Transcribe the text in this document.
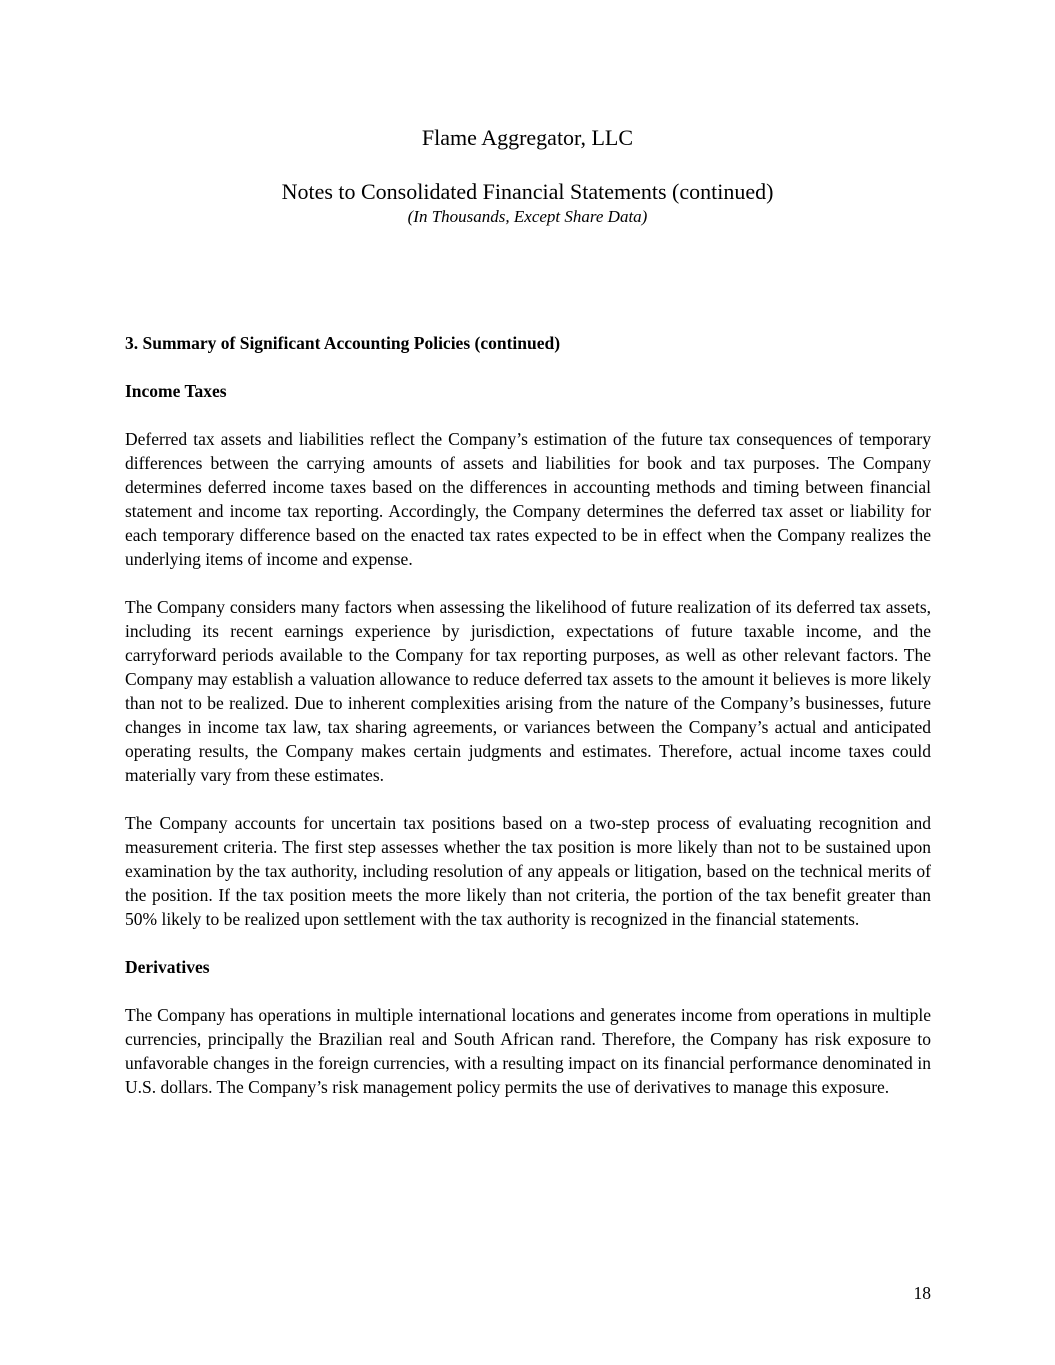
Flame Aggregator, LLC

Notes to Consolidated Financial Statements (continued)

(In Thousands, Except Share Data)

3. Summary of Significant Accounting Policies (continued)

Income Taxes

Deferred tax assets and liabilities reflect the Company’s estimation of the future tax consequences of temporary differences between the carrying amounts of assets and liabilities for book and tax purposes. The Company determines deferred income taxes based on the differences in accounting methods and timing between financial statement and income tax reporting. Accordingly, the Company determines the deferred tax asset or liability for each temporary difference based on the enacted tax rates expected to be in effect when the Company realizes the underlying items of income and expense.

The Company considers many factors when assessing the likelihood of future realization of its deferred tax assets, including its recent earnings experience by jurisdiction, expectations of future taxable income, and the carryforward periods available to the Company for tax reporting purposes, as well as other relevant factors. The Company may establish a valuation allowance to reduce deferred tax assets to the amount it believes is more likely than not to be realized. Due to inherent complexities arising from the nature of the Company’s businesses, future changes in income tax law, tax sharing agreements, or variances between the Company’s actual and anticipated operating results, the Company makes certain judgments and estimates. Therefore, actual income taxes could materially vary from these estimates.

The Company accounts for uncertain tax positions based on a two-step process of evaluating recognition and measurement criteria. The first step assesses whether the tax position is more likely than not to be sustained upon examination by the tax authority, including resolution of any appeals or litigation, based on the technical merits of the position. If the tax position meets the more likely than not criteria, the portion of the tax benefit greater than 50% likely to be realized upon settlement with the tax authority is recognized in the financial statements.

Derivatives

The Company has operations in multiple international locations and generates income from operations in multiple currencies, principally the Brazilian real and South African rand. Therefore, the Company has risk exposure to unfavorable changes in the foreign currencies, with a resulting impact on its financial performance denominated in U.S. dollars. The Company’s risk management policy permits the use of derivatives to manage this exposure.

18
